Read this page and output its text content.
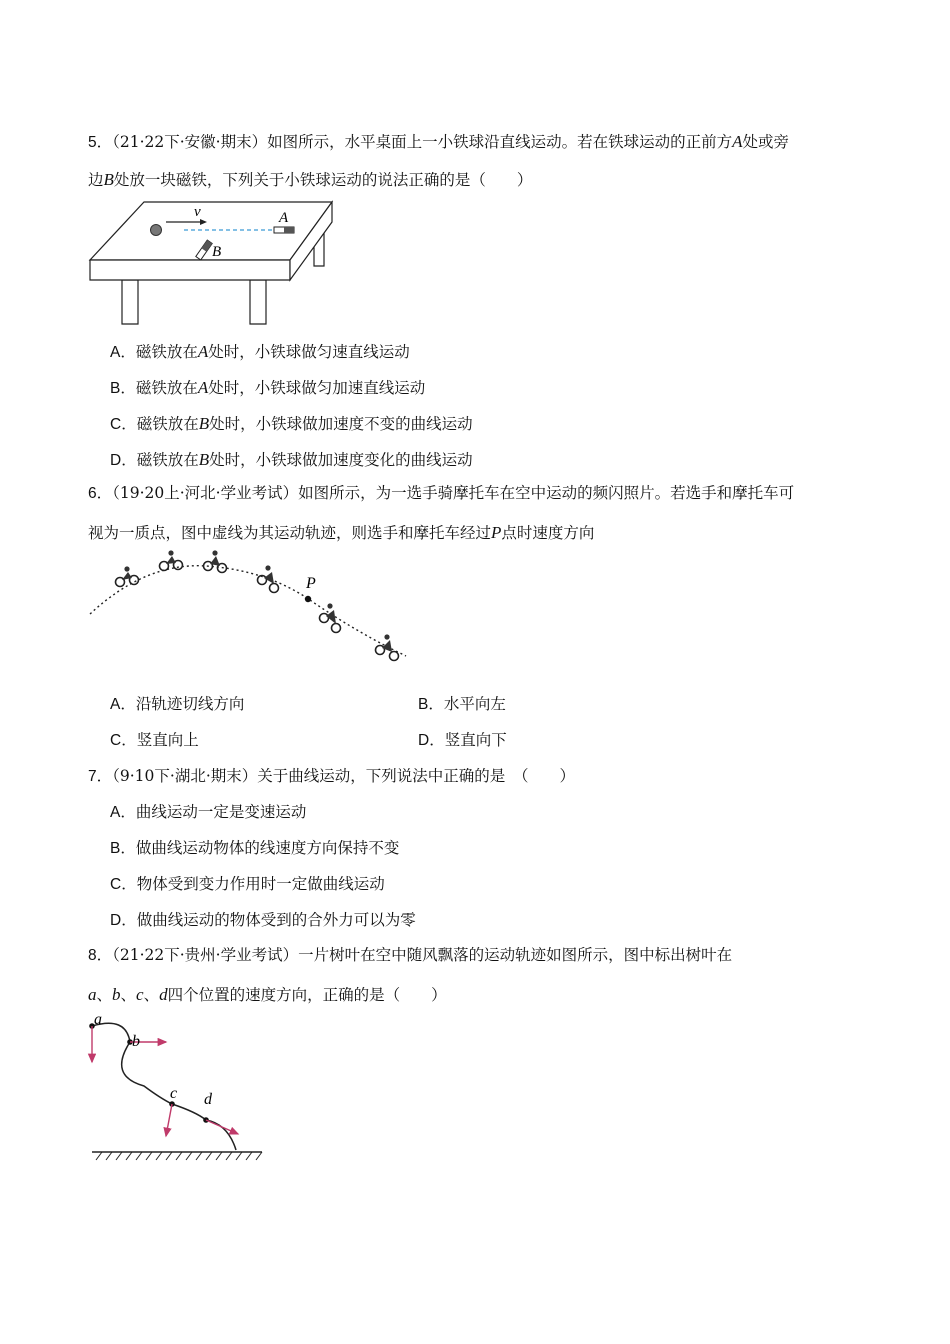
5．（21·22下·安徽·期末）如图所示，水平桌面上一小铁球沿直线运动。若在铁球运动的正前方A处或旁
边B处放一块磁铁，下列关于小铁球运动的说法正确的是（　　）
v	A
B
A．磁铁放在A处时，小铁球做匀速直线运动
B．磁铁放在A处时，小铁球做匀加速直线运动
C．磁铁放在B处时，小铁球做加速度不变的曲线运动
D．磁铁放在B处时，小铁球做加速度变化的曲线运动
6．（19·20上·河北·学业考试）如图所示，为一选手骑摩托车在空中运动的频闪照片。若选手和摩托车可
视为一质点，图中虚线为其运动轨迹，则选手和摩托车经过P点时速度方向
P
A．沿轨迹切线方向	B．水平向左
C．竖直向上	D．竖直向下
7．（9·10下·湖北·期末）关于曲线运动，下列说法中正确的是　（　　）
A．曲线运动一定是变速运动
B．做曲线运动物体的线速度方向保持不变
C．物体受到变力作用时一定做曲线运动
D．做曲线运动的物体受到的合外力可以为零
8．（21·22下·贵州·学业考试）一片树叶在空中随风飘落的运动轨迹如图所示，图中标出树叶在
a、b、c、d四个位置的速度方向，正确的是（　　）
a
b
c d
